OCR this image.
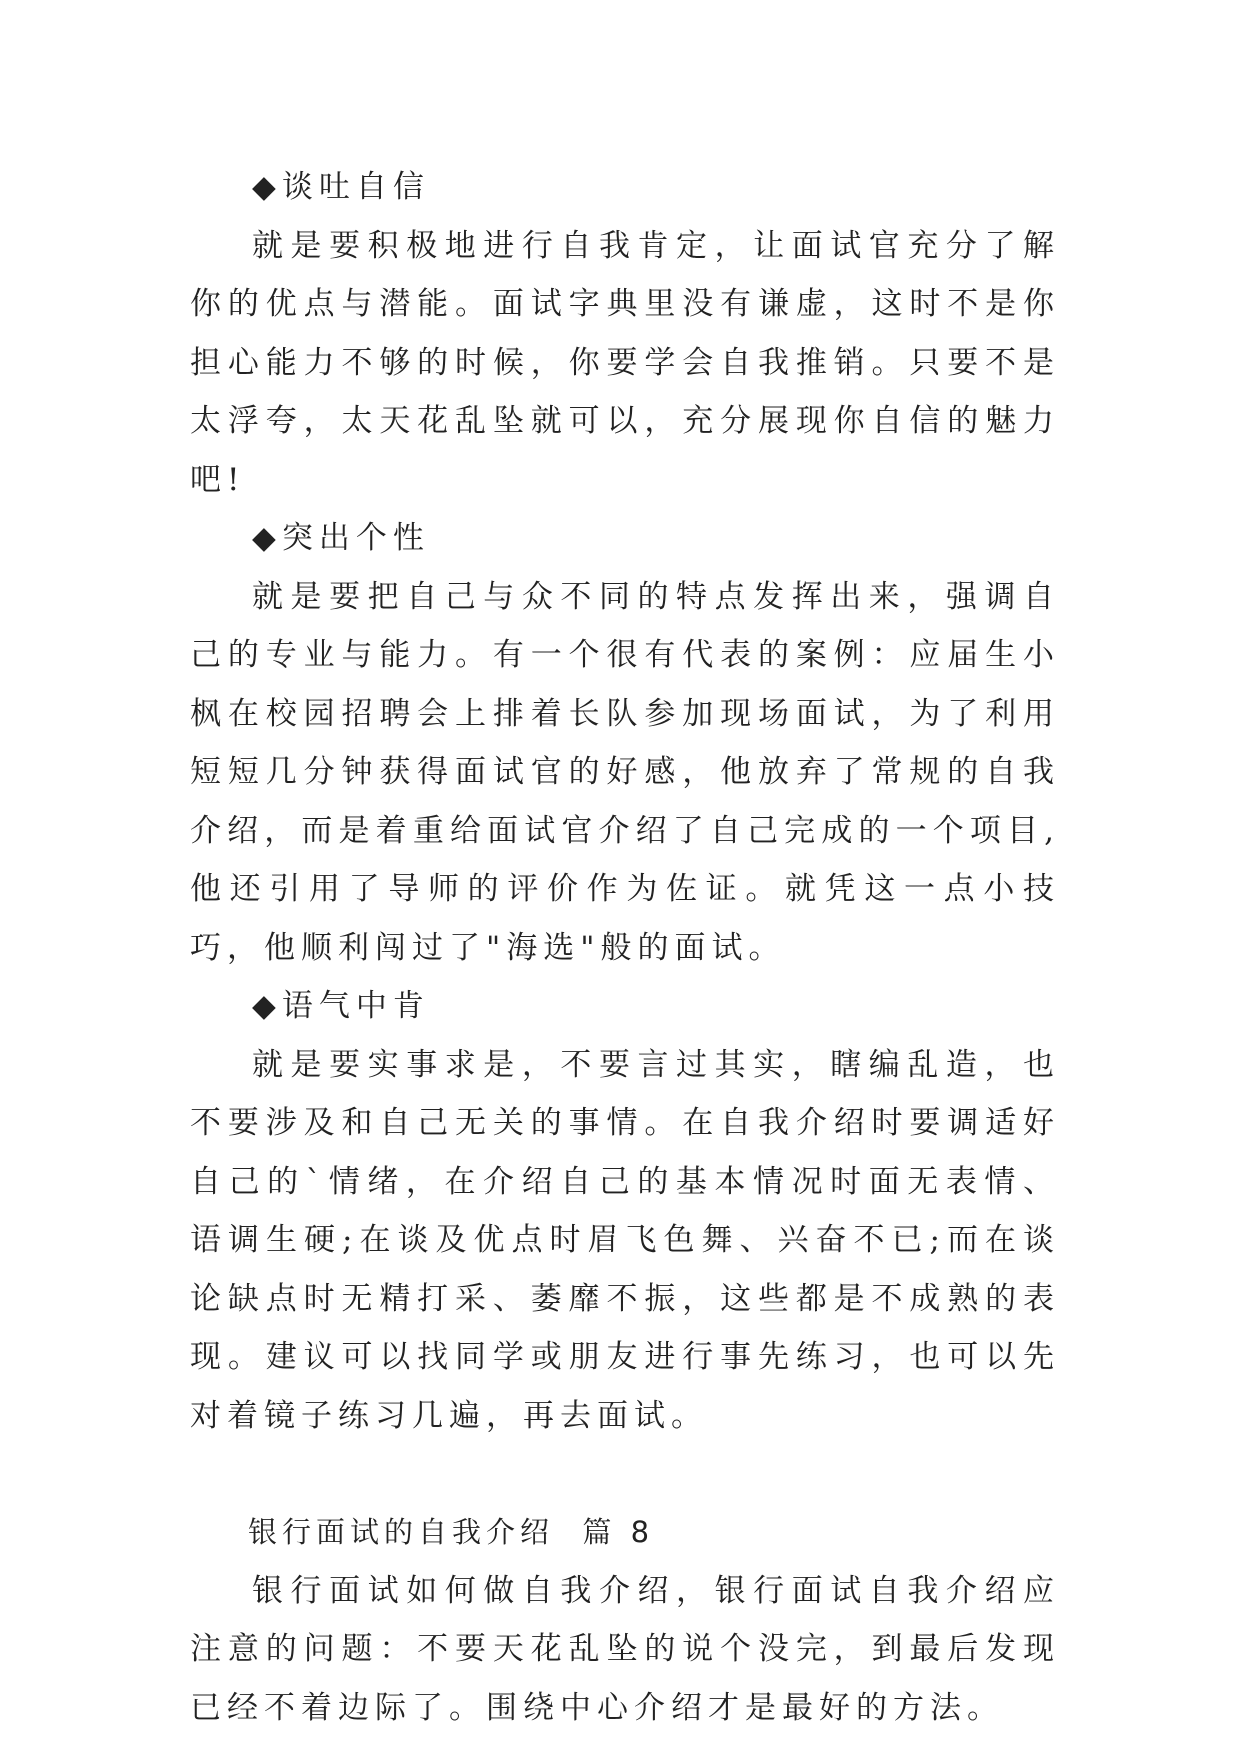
◆谈吐自信

就是要积极地进行自我肯定，让面试官充分了解你的优点与潜能。面试字典里没有谦虚，这时不是你担心能力不够的时候，你要学会自我推销。只要不是太浮夸，太天花乱坠就可以，充分展现你自信的魅力吧!

◆突出个性

就是要把自己与众不同的特点发挥出来，强调自己的专业与能力。有一个很有代表的案例：应届生小枫在校园招聘会上排着长队参加现场面试，为了利用短短几分钟获得面试官的好感，他放弃了常规的自我介绍，而是着重给面试官介绍了自己完成的一个项目,他还引用了导师的评价作为佐证。就凭这一点小技巧，他顺利闯过了"海选"般的面试。

◆语气中肯

就是要实事求是，不要言过其实，瞎编乱造，也不要涉及和自己无关的事情。在自我介绍时要调适好自己的`情绪，在介绍自己的基本情况时面无表情、语调生硬;在谈及优点时眉飞色舞、兴奋不已;而在谈论缺点时无精打采、萎靡不振，这些都是不成熟的表现。建议可以找同学或朋友进行事先练习，也可以先对着镜子练习几遍，再去面试。

银行面试的自我介绍  篇 8

银行面试如何做自我介绍，银行面试自我介绍应注意的问题：不要天花乱坠的说个没完，到最后发现已经不着边际了。围绕中心介绍才是最好的方法。
